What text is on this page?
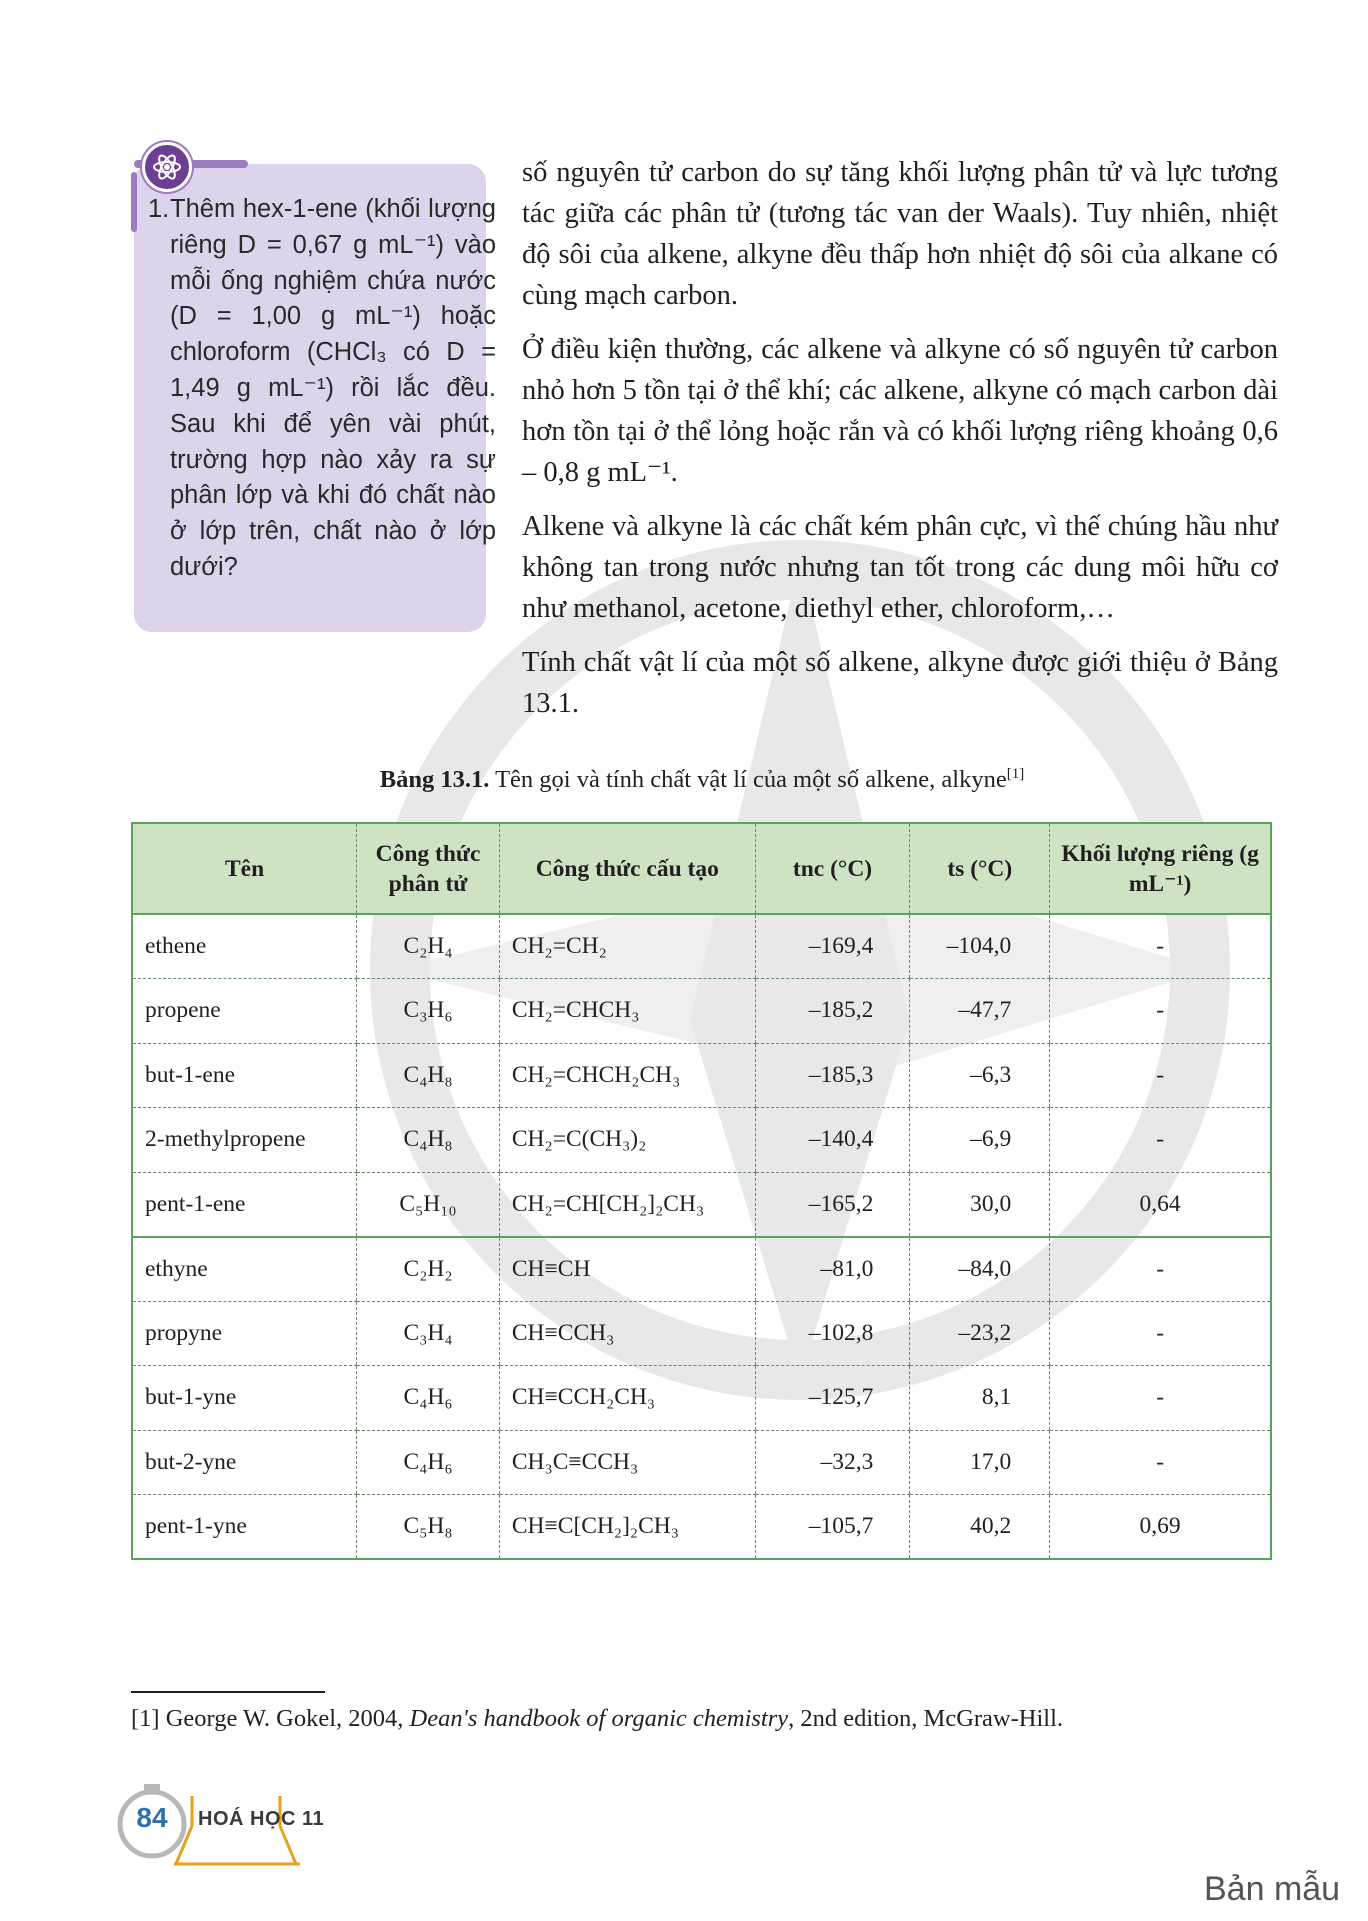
1.Thêm hex-1-ene (khối lượng riêng D = 0,67 g mL⁻¹) vào mỗi ống nghiệm chứa nước (D = 1,00 g mL⁻¹) hoặc chloroform (CHCl₃ có D = 1,49 g mL⁻¹) rồi lắc đều. Sau khi để yên vài phút, trường hợp nào xảy ra sự phân lớp và khi đó chất nào ở lớp trên, chất nào ở lớp dưới?

số nguyên tử carbon do sự tăng khối lượng phân tử và lực tương tác giữa các phân tử (tương tác van der Waals). Tuy nhiên, nhiệt độ sôi của alkene, alkyne đều thấp hơn nhiệt độ sôi của alkane có cùng mạch carbon.

Ở điều kiện thường, các alkene và alkyne có số nguyên tử carbon nhỏ hơn 5 tồn tại ở thể khí; các alkene, alkyne có mạch carbon dài hơn tồn tại ở thể lỏng hoặc rắn và có khối lượng riêng khoảng 0,6 – 0,8 g mL⁻¹.

Alkene và alkyne là các chất kém phân cực, vì thế chúng hầu như không tan trong nước nhưng tan tốt trong các dung môi hữu cơ như methanol, acetone, diethyl ether, chloroform,…

Tính chất vật lí của một số alkene, alkyne được giới thiệu ở Bảng 13.1.

Bảng 13.1. Tên gọi và tính chất vật lí của một số alkene, alkyne[1]
Tên	Công thức phân tử	Công thức cấu tạo	tnc (°C)	ts (°C)	Khối lượng riêng (g mL⁻¹)
ethene	C₂H₄	CH₂=CH₂	–169,4	–104,0	-
propene	C₃H₆	CH₂=CHCH₃	–185,2	–47,7	-
but-1-ene	C₄H₈	CH₂=CHCH₂CH₃	–185,3	–6,3	-
2-methylpropene	C₄H₈	CH₂=C(CH₃)₂	–140,4	–6,9	-
pent-1-ene	C₅H₁₀	CH₂=CH[CH₂]₂CH₃	–165,2	30,0	0,64
ethyne	C₂H₂	CH≡CH	–81,0	–84,0	-
propyne	C₃H₄	CH≡CCH₃	–102,8	–23,2	-
but-1-yne	C₄H₆	CH≡CCH₂CH₃	–125,7	8,1	-
but-2-yne	C₄H₆	CH₃C≡CCH₃	–32,3	17,0	-
pent-1-yne	C₅H₈	CH≡C[CH₂]₂CH₃	–105,7	40,2	0,69
[1] George W. Gokel, 2004, Dean's handbook of organic chemistry, 2nd edition, McGraw-Hill.
84	HOÁ HỌC 11
Bản mẫu
